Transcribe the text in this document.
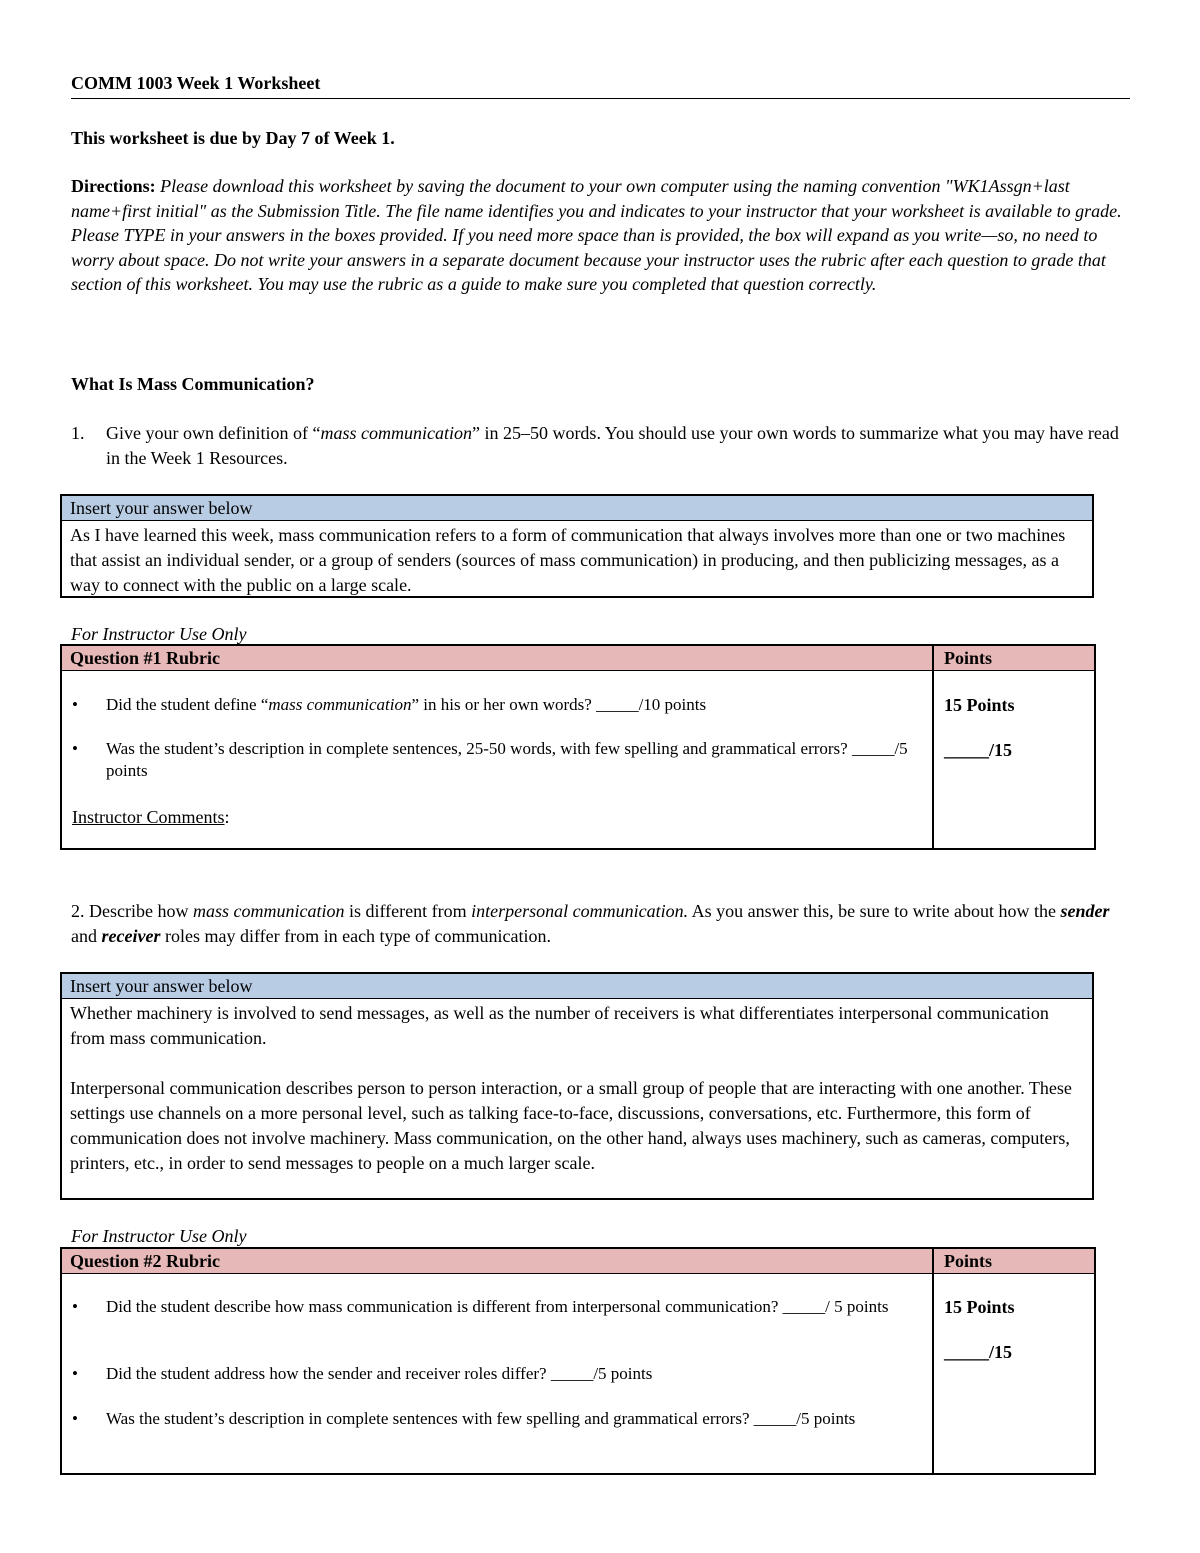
COMM 1003 Week 1 Worksheet
This worksheet is due by Day 7 of Week 1.
Directions: Please download this worksheet by saving the document to your own computer using the naming convention "WK1Assgn+last name+first initial" as the Submission Title. The file name identifies you and indicates to your instructor that your worksheet is available to grade. Please TYPE in your answers in the boxes provided. If you need more space than is provided, the box will expand as you write—so, no need to worry about space. Do not write your answers in a separate document because your instructor uses the rubric after each question to grade that section of this worksheet. You may use the rubric as a guide to make sure you completed that question correctly.
What Is Mass Communication?
1. Give your own definition of “mass communication” in 25–50 words. You should use your own words to summarize what you may have read in the Week 1 Resources.
Insert your answer below

As I have learned this week, mass communication refers to a form of communication that always involves more than one or two machines that assist an individual sender, or a group of senders (sources of mass communication) in producing, and then publicizing messages, as a way to connect with the public on a large scale.

For Instructor Use Only
Question #1 Rubric	Points
• Did the student define “mass communication” in his or her own words? _____/10 points
• Was the student’s description in complete sentences, 25-50 words, with few spelling and grammatical errors? _____/5 points
Instructor Comments:
15 Points
_____/15
2. Describe how mass communication is different from interpersonal communication. As you answer this, be sure to write about how the sender and receiver roles may differ from in each type of communication.
Insert your answer below

Whether machinery is involved to send messages, as well as the number of receivers is what differentiates interpersonal communication from mass communication.

Interpersonal communication describes person to person interaction, or a small group of people that are interacting with one another. These settings use channels on a more personal level, such as talking face-to-face, discussions, conversations, etc. Furthermore, this form of communication does not involve machinery. Mass communication, on the other hand, always uses machinery, such as cameras, computers, printers, etc., in order to send messages to people on a much larger scale.

For Instructor Use Only
Question #2 Rubric	Points
• Did the student describe how mass communication is different from interpersonal communication? _____/ 5 points
• Did the student address how the sender and receiver roles differ? _____/5 points
• Was the student’s description in complete sentences with few spelling and grammatical errors? _____/5 points
15 Points
_____/15
